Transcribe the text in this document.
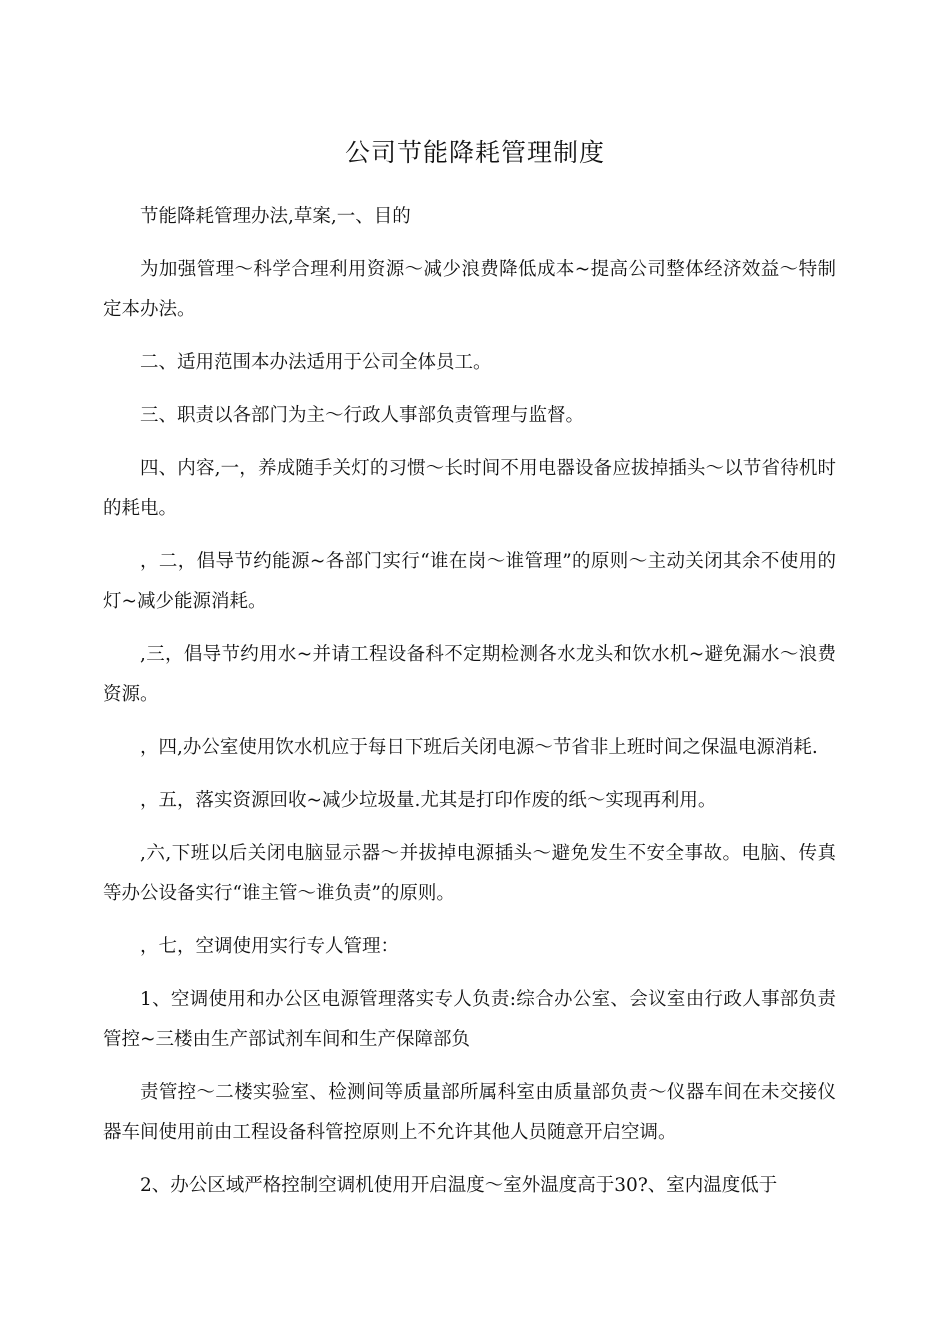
公司节能降耗管理制度

节能降耗管理办法,草案,一、目的

为加强管理～科学合理利用资源～减少浪费降低成本~提高公司整体经济效益～特制定本办法。

二、适用范围本办法适用于公司全体员工。

三、职责以各部门为主～行政人事部负责管理与监督。

四、内容,一，养成随手关灯的习惯～长时间不用电器设备应拔掉插头～以节省待机时的耗电。

，二，倡导节约能源~各部门实行“谁在岗～谁管理”的原则～主动关闭其余不使用的灯~减少能源消耗。

,三，倡导节约用水~并请工程设备科不定期检测各水龙头和饮水机~避免漏水～浪费资源。

，四,办公室使用饮水机应于每日下班后关闭电源～节省非上班时间之保温电源消耗.

，五，落实资源回收~减少垃圾量.尤其是打印作废的纸～实现再利用。

,六,下班以后关闭电脑显示器～并拔掉电源插头～避免发生不安全事故。电脑、传真等办公设备实行“谁主管～谁负责”的原则。

，七，空调使用实行专人管理：

1、空调使用和办公区电源管理落实专人负责:综合办公室、会议室由行政人事部负责管控~三楼由生产部试剂车间和生产保障部负

责管控～二楼实验室、检测间等质量部所属科室由质量部负责～仪器车间在未交接仪器车间使用前由工程设备科管控原则上不允许其他人员随意开启空调。

2、办公区域严格控制空调机使用开启温度～室外温度高于30?、室内温度低于
